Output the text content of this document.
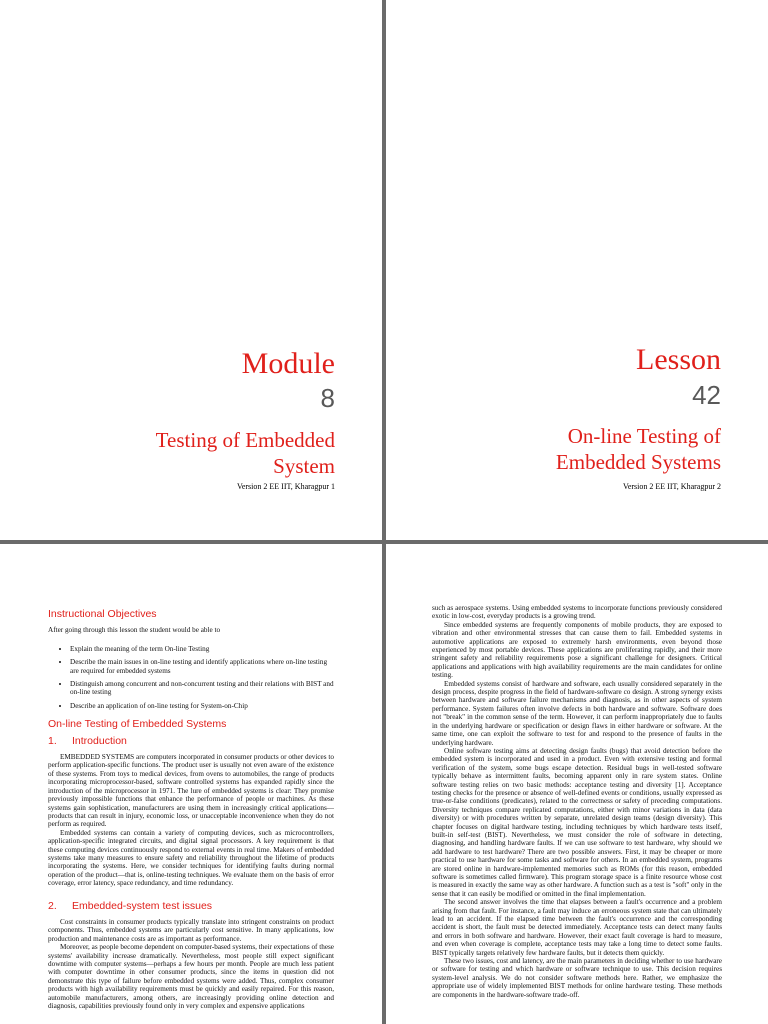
Module
8
Testing of Embedded
System
Version 2 EE IIT, Kharagpur 1
Lesson
42
On-line Testing of
Embedded Systems
Version 2 EE IIT, Kharagpur 2
Instructional Objectives

After going through this lesson the student would be able to

• Explain the meaning of the term On-line Testing
• Describe the main issues in on-line testing and identify applications where on-line testing are required for embedded systems
• Distinguish among concurrent and non-concurrent testing and their relations with BIST and on-line testing
• Describe an application of on-line testing for System-on-Chip
On-line Testing of Embedded Systems
1. Introduction

EMBEDDED SYSTEMS are computers incorporated in consumer products or other devices to perform application-specific functions. The product user is usually not even aware of the existence of these systems. From toys to medical devices, from ovens to automobiles, the range of products incorporating microprocessor-based, software controlled systems has expanded rapidly since the introduction of the microprocessor in 1971. The lure of embedded systems is clear: They promise previously impossible functions that enhance the performance of people or machines. As these systems gain sophistication, manufacturers are using them in increasingly critical applications— products that can result in injury, economic loss, or unacceptable inconvenience when they do not perform as required.

Embedded systems can contain a variety of computing devices, such as microcontrollers, application-specific integrated circuits, and digital signal processors. A key requirement is that these computing devices continuously respond to external events in real time. Makers of embedded systems take many measures to ensure safety and reliability throughout the lifetime of products incorporating the systems. Here, we consider techniques for identifying faults during normal operation of the product—that is, online-testing techniques. We evaluate them on the basis of error coverage, error latency, space redundancy, and time redundancy.

2. Embedded-system test issues

Cost constraints in consumer products typically translate into stringent constraints on product components. Thus, embedded systems are particularly cost sensitive. In many applications, low production and maintenance costs are as important as performance.

Moreover, as people become dependent on computer-based systems, their expectations of these systems' availability increase dramatically. Nevertheless, most people still expect significant downtime with computer systems—perhaps a few hours per month. People are much less patient with computer downtime in other consumer products, since the items in question did not demonstrate this type of failure before embedded systems were added. Thus, complex consumer products with high availability requirements must be quickly and easily repaired. For this reason, automobile manufacturers, among others, are increasingly providing online detection and diagnosis, capabilities previously found only in very complex and expensive applications

such as aerospace systems. Using embedded systems to incorporate functions previously considered exotic in low-cost, everyday products is a growing trend.

Since embedded systems are frequently components of mobile products, they are exposed to vibration and other environmental stresses that can cause them to fail. Embedded systems in automotive applications are exposed to extremely harsh environments, even beyond those experienced by most portable devices. These applications are proliferating rapidly, and their more stringent safety and reliability requirements pose a significant challenge for designers. Critical applications and applications with high availability requirements are the main candidates for online testing.

Embedded systems consist of hardware and software, each usually considered separately in the design process, despite progress in the field of hardware-software co design. A strong synergy exists between hardware and software failure mechanisms and diagnosis, as in other aspects of system performance. System failures often involve defects in both hardware and software. Software does not "break" in the common sense of the term. However, it can perform inappropriately due to faults in the underlying hardware or specification or design flaws in either hardware or software. At the same time, one can exploit the software to test for and respond to the presence of faults in the underlying hardware.

Online software testing aims at detecting design faults (bugs) that avoid detection before the embedded system is incorporated and used in a product. Even with extensive testing and formal verification of the system, some bugs escape detection. Residual bugs in well-tested software typically behave as intermittent faults, becoming apparent only in rare system states. Online software testing relies on two basic methods: acceptance testing and diversity [1]. Acceptance testing checks for the presence or absence of well-defined events or conditions, usually expressed as true-or-false conditions (predicates), related to the correctness or safety of preceding computations. Diversity techniques compare replicated computations, either with minor variations in data (data diversity) or with procedures written by separate, unrelated design teams (design diversity). This chapter focuses on digital hardware testing, including techniques by which hardware tests itself, built-in self-test (BIST). Nevertheless, we must consider the role of software in detecting, diagnosing, and handling hardware faults. If we can use software to test hardware, why should we add hardware to test hardware? There are two possible answers. First, it may be cheaper or more practical to use hardware for some tasks and software for others. In an embedded system, programs are stored online in hardware-implemented memories such as ROMs (for this reason, embedded software is sometimes called firmware). This program storage space is a finite resource whose cost is measured in exactly the same way as other hardware. A function such as a test is "soft" only in the sense that it can easily be modified or omitted in the final implementation.

The second answer involves the time that elapses between a fault's occurrence and a problem arising from that fault. For instance, a fault may induce an erroneous system state that can ultimately lead to an accident. If the elapsed time between the fault's occurrence and the corresponding accident is short, the fault must be detected immediately. Acceptance tests can detect many faults and errors in both software and hardware. However, their exact fault coverage is hard to measure, and even when coverage is complete, acceptance tests may take a long time to detect some faults. BIST typically targets relatively few hardware faults, but it detects them quickly.

These two issues, cost and latency, are the main parameters in deciding whether to use hardware or software for testing and which hardware or software technique to use. This decision requires system-level analysis. We do not consider software methods here. Rather, we emphasize the appropriate use of widely implemented BIST methods for online hardware testing. These methods are components in the hardware-software trade-off.
